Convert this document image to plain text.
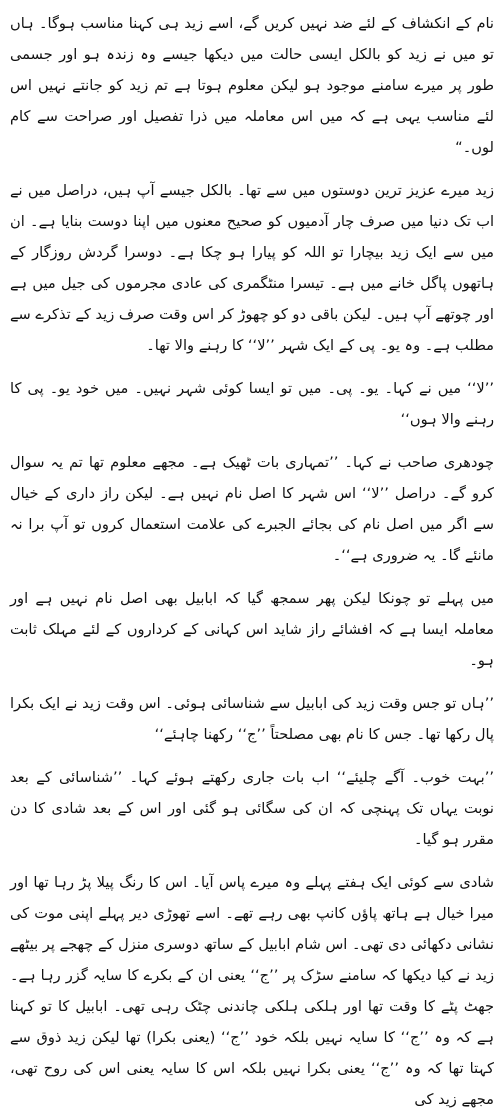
نام کے انکشاف کے لئے ضد نہیں کریں گے، اسے زید ہی کہنا مناسب ہوگا۔ ہاں تو میں نے زید کو بالکل ایسی حالت میں دیکھا جیسے وہ زندہ ہو اور جسمی طور پر میرے سامنے موجود ہو لیکن معلوم ہوتا ہے تم زید کو جانتے نہیں اس لئے مناسب یہی ہے کہ میں اس معاملہ میں ذرا تفصیل اور صراحت سے کام لوں۔“

زید میرے عزیز ترین دوستوں میں سے تھا۔ بالکل جیسے آپ ہیں، دراصل میں نے اب تک دنیا میں صرف چار آدمیوں کو صحیح معنوں میں اپنا دوست بنایا ہے۔ ان میں سے ایک زید بیچارا تو اللہ کو پیارا ہو چکا ہے۔ دوسرا گردش روزگار کے ہاتھوں پاگل خانے میں ہے۔ تیسرا منٹگمری کی عادی مجرموں کی جیل میں ہے اور چوتھے آپ ہیں۔ لیکن باقی دو کو چھوڑ کر اس وقت صرف زید کے تذکرے سے مطلب ہے۔ وہ یو۔ پی کے ایک شہر ’’لا‘‘ کا رہنے والا تھا۔

’’لا‘‘ میں نے کہا۔ یو۔ پی۔ میں تو ایسا کوئی شہر نہیں۔ میں خود یو۔ پی کا رہنے والا ہوں‘‘

چودھری صاحب نے کہا۔ ’’تمہاری بات ٹھیک ہے۔ مجھے معلوم تھا تم یہ سوال کرو گے۔ دراصل ’’لا‘‘ اس شہر کا اصل نام نہیں ہے۔ لیکن راز داری کے خیال سے اگر میں اصل نام کی بجائے الجبرے کی علامت استعمال کروں تو آپ برا نہ مانئے گا۔ یہ ضروری ہے‘‘۔

میں پہلے تو چونکا لیکن پھر سمجھ گیا کہ ابابیل بھی اصل نام نہیں ہے اور معاملہ ایسا ہے کہ افشائے راز شاید اس کہانی کے کرداروں کے لئے مہلک ثابت ہو۔

’’ہاں تو جس وقت زید کی ابابیل سے شناسائی ہوئی۔ اس وقت زید نے ایک بکرا پال رکھا تھا۔ جس کا نام بھی مصلحتاً ’’ج‘‘ رکھنا چاہئے‘‘

’’بہت خوب۔ آگے چلیئے‘‘ اب بات جاری رکھتے ہوئے کہا۔ ’’شناسائی کے بعد نوبت یہاں تک پہنچی کہ ان کی سگائی ہو گئی اور اس کے بعد شادی کا دن مقرر ہو گیا۔

شادی سے کوئی ایک ہفتے پہلے وہ میرے پاس آیا۔ اس کا رنگ پیلا پڑ رہا تھا اور میرا خیال ہے ہاتھ پاؤں کانپ بھی رہے تھے۔ اسے تھوڑی دیر پہلے اپنی موت کی نشانی دکھائی دی تھی۔ اس شام ابابیل کے ساتھ دوسری منزل کے چھجے پر بیٹھے زید نے کیا دیکھا کہ سامنے سڑک پر ’’ج‘‘ یعنی ان کے بکرے کا سایہ گزر رہا ہے۔ جھٹ پٹے کا وقت تھا اور ہلکی ہلکی چاندنی چٹک رہی تھی۔ ابابیل کا تو کہنا ہے کہ وہ ’’ج‘‘ کا سایہ نہیں بلکہ خود ’’ج‘‘ (یعنی بکرا) تھا لیکن زید ذوق سے کہتا تھا کہ وہ ’’ج‘‘ یعنی بکرا نہیں بلکہ اس کا سایہ یعنی اس کی روح تھی، مجھے زید کی
